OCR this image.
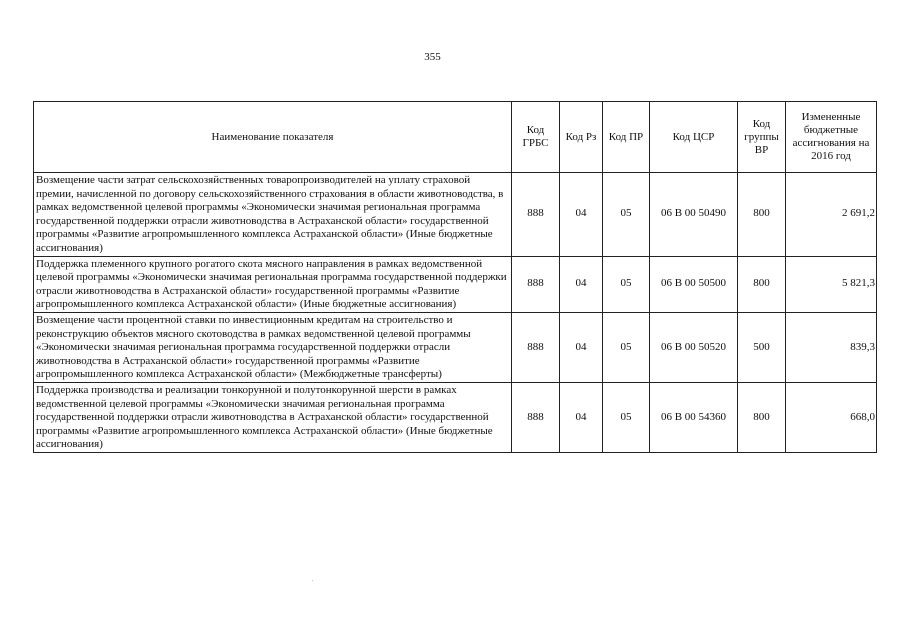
355
Наименование показателя	Код ГРБС	Код Рз	Код ПР	Код ЦСР	Код группы ВР	Измененные бюджетные ассигнования на 2016 год
Возмещение части затрат сельскохозяйственных товаропроизводителей на уплату страховой премии, начисленной по договору сельскохозяйственного страхования в области животноводства, в рамках ведомственной целевой программы «Экономически значимая региональная программа государственной поддержки отрасли животноводства в Астраханской области» государственной программы «Развитие агропромышленного комплекса Астраханской области» (Иные бюджетные ассигнования)	888	04	05	06 В 00 50490	800	2 691,2
Поддержка племенного крупного рогатого скота мясного направления в рамках ведомственной целевой программы «Экономически значимая региональная программа государственной поддержки отрасли животноводства в Астраханской области» государственной программы «Развитие агропромышленного комплекса Астраханской области» (Иные бюджетные ассигнования)	888	04	05	06 В 00 50500	800	5 821,3
Возмещение части процентной ставки по инвестиционным кредитам на строительство и реконструкцию объектов мясного скотоводства в рамках ведомственной целевой программы «Экономически значимая региональная программа государственной поддержки отрасли животноводства в Астраханской области» государственной программы «Развитие агропромышленного комплекса Астраханской области» (Межбюджетные трансферты)	888	04	05	06 В 00 50520	500	839,3
Поддержка производства и реализации тонкорунной и полутонкорунной шерсти в рамках ведомственной целевой программы «Экономически значимая региональная программа государственной поддержки отрасли животноводства в Астраханской области» государственной программы «Развитие агропромышленного комплекса Астраханской области» (Иные бюджетные ассигнования)	888	04	05	06 В 00 54360	800	668,0
